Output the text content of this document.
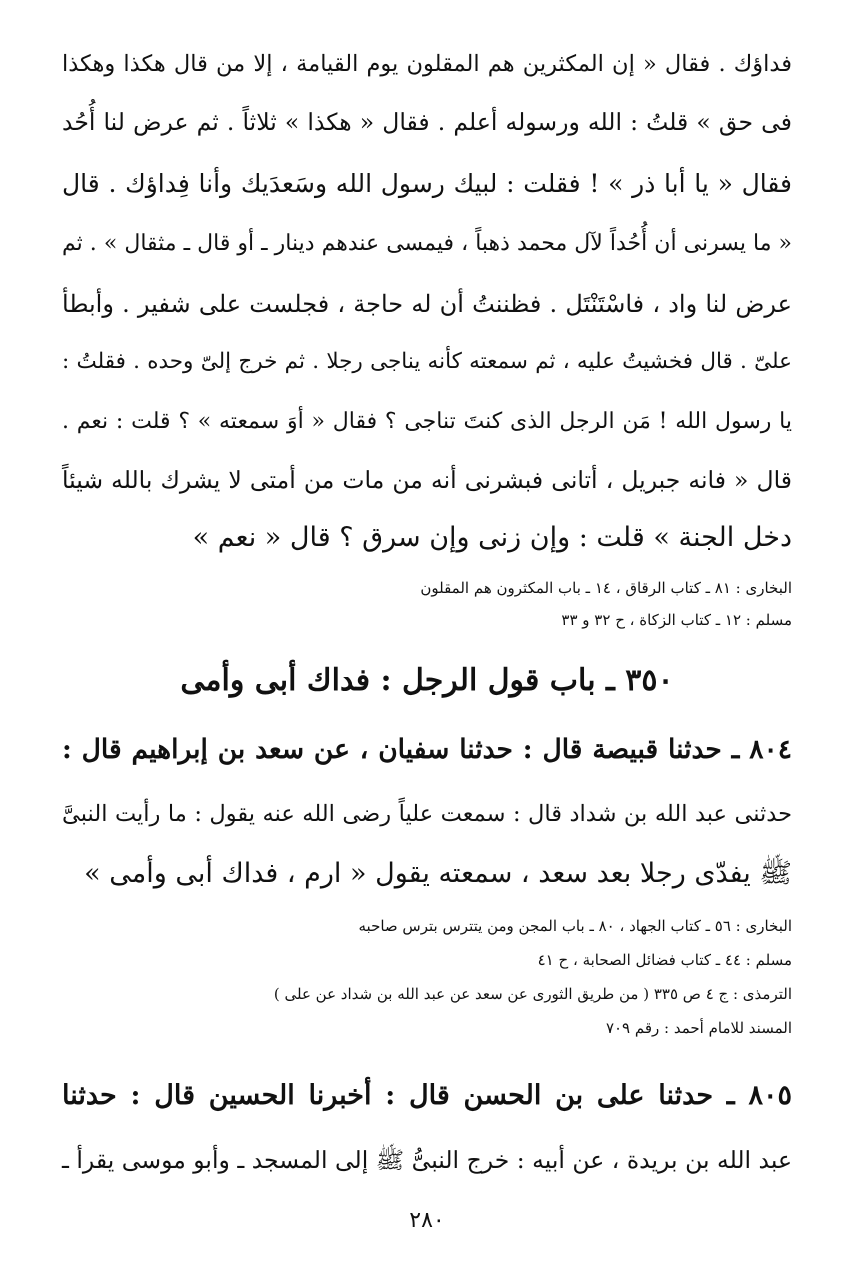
فداؤك . فقال « إن المكثرين هم المقلون يوم القيامة ، إلا من قال هكذا وهكذا
فى حق » قلتُ : الله ورسوله أعلم . فقال « هكذا » ثلاثاً . ثم عرض لنا أُحُد
فقال « يا أبا ذر » ! فقلت : لبيك رسول الله وسَعدَيك وأنا فِداؤك . قال
« ما يسرنى أن أُحُداً لآل محمد ذهباً ، فيمسى عندهم دينار ـ أو قال ـ مثقال » . ثم
عرض لنا واد ، فاسْتَنْتَل . فظننتُ أن له حاجة ، فجلست على شفير . وأبطأ
علىّ . قال فخشيتُ عليه ، ثم سمعته كأنه يناجى رجلا . ثم خرج إلىّ وحده . فقلتُ :
يا رسول الله ! مَن الرجل الذى كنتَ تناجى ؟ فقال « أوَ سمعته » ؟ قلت : نعم .
قال « فانه جبريل ، أتانى فبشرنى أنه من مات من أمتى لا يشرك بالله شيئاً
دخل الجنة » قلت : وإن زنى وإن سرق ؟ قال « نعم »
البخارى : ٨١ ـ كتاب الرقاق ، ١٤ ـ باب المكثرون هم المقلون
مسلم : ١٢ ـ كتاب الزكاة ، ح ٣٢ و ٣٣
٣٥٠ ـ باب قول الرجل : فداك أبى وأمى
٨٠٤ ـ حدثنا قبيصة قال : حدثنا سفيان ، عن سعد بن إبراهيم قال :
حدثنى عبد الله بن شداد قال : سمعت علياً رضى الله عنه يقول : ما رأيت النبىَّ
ﷺ يفدّى رجلا بعد سعد ، سمعته يقول « ارم ، فداك أبى وأمى »
البخارى : ٥٦ ـ كتاب الجهاد ، ٨٠ ـ باب المجن ومن يتترس بترس صاحبه
مسلم : ٤٤ ـ كتاب فضائل الصحابة ، ح ٤١
الترمذى : ج ٤ ص ٣٣٥ ( من طريق الثورى عن سعد عن عبد الله بن شداد عن على )
المسند للامام أحمد : رقم ٧٠٩
٨٠٥ ـ حدثنا على بن الحسن قال : أخبرنا الحسين قال : حدثنا
عبد الله بن بريدة ، عن أبيه : خرج النبىُّ ﷺ إلى المسجد ـ وأبو موسى يقرأ ـ
٢٨٠
